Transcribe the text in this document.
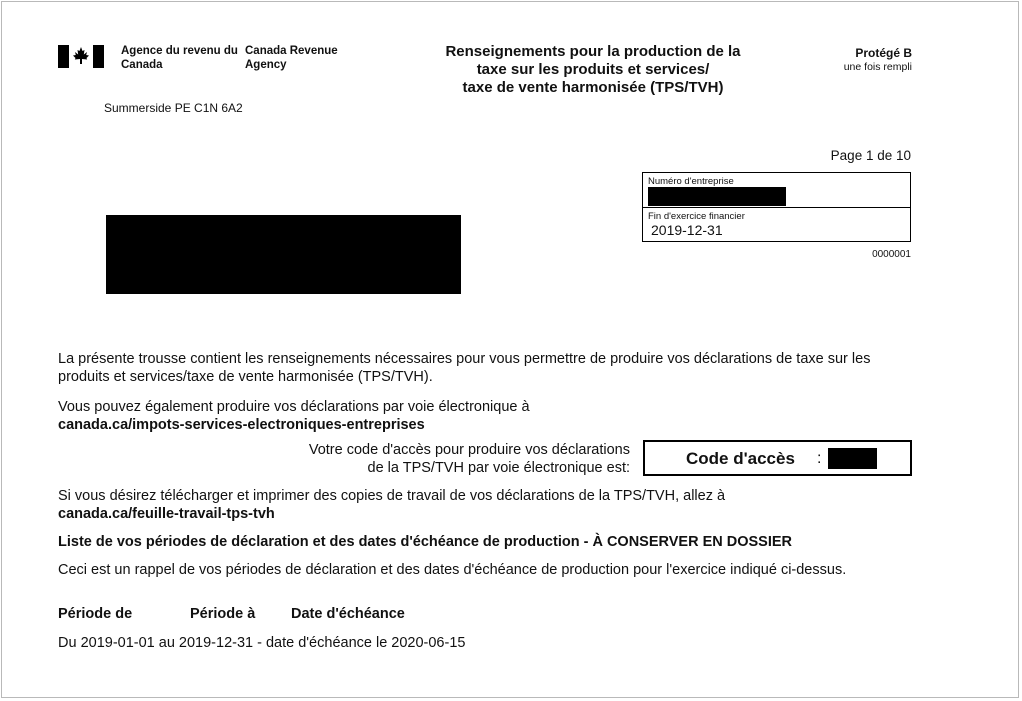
Agence du revenu du Canada
Canada Revenue Agency
Renseignements pour la production de la
taxe sur les produits et services/
taxe de vente harmonisée (TPS/TVH)
Protégé B
une fois rempli
Summerside PE C1N 6A2
Page 1 de 10
Numéro d'entreprise
Fin d'exercice financier
2019-12-31
0000001
La présente trousse contient les renseignements nécessaires pour vous permettre de produire vos déclarations de taxe sur les produits et services/taxe de vente harmonisée (TPS/TVH).
Vous pouvez également produire vos déclarations par voie électronique à
canada.ca/impots-services-electroniques-entreprises
Votre code d'accès pour produire vos déclarations
de la TPS/TVH par voie électronique est:	Code d'accès :
Si vous désirez télécharger et imprimer des copies de travail de vos déclarations de la TPS/TVH, allez à
canada.ca/feuille-travail-tps-tvh
Liste de vos périodes de déclaration et des dates d'échéance de production - À CONSERVER EN DOSSIER
Ceci est un rappel de vos périodes de déclaration et des dates d'échéance de production pour l'exercice indiqué ci-dessus.
Période de	Période à Date d'échéance
Du 2019-01-01 au 2019-12-31 - date d'échéance le 2020-06-15
